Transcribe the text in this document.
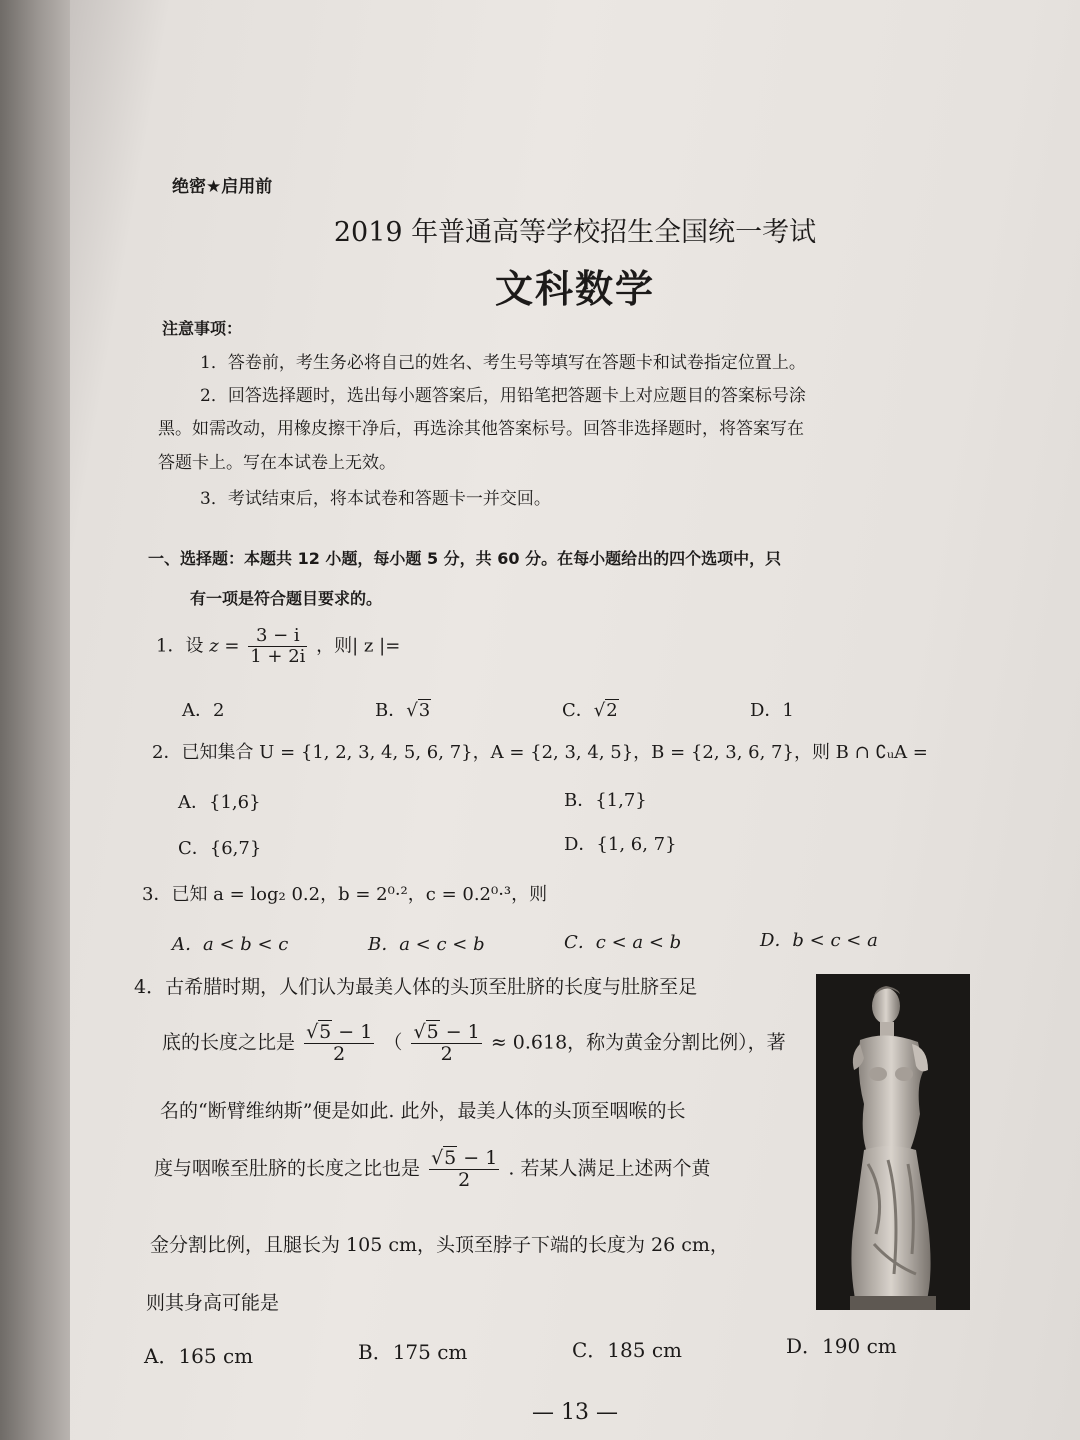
绝密★启用前
2019 年普通高等学校招生全国统一考试
文科数学
注意事项：
1．答卷前，考生务必将自己的姓名、考生号等填写在答题卡和试卷指定位置上。
2．回答选择题时，选出每小题答案后，用铅笔把答题卡上对应题目的答案标号涂
黑。如需改动，用橡皮擦干净后，再选涂其他答案标号。回答非选择题时，将答案写在
答题卡上。写在本试卷上无效。
3．考试结束后，将本试卷和答题卡一并交回。
一、选择题：本题共 12 小题，每小题 5 分，共 60 分。在每小题给出的四个选项中，只
有一项是符合题目要求的。
1．设 $z = \frac{3 - i}{1 + 2i}$ ，则| z |=
A．2	B．√3	C．√2	D．1
2．已知集合 U = {1, 2, 3, 4, 5, 6, 7}，A = {2, 3, 4, 5}，B = {2, 3, 6, 7}，则 B ∩ ∁ᵤA =
A．{1,6}	B．{1,7}
C．{6,7}	D．{1, 6, 7}
3．已知 a = log₂ 0.2，b = 2⁰·²，c = 0.2⁰·³，则
A．a < b < c	B．a < c < b	C．c < a < b	D．b < c < a
4．古希腊时期，人们认为最美人体的头顶至肚脐的长度与肚脐至足
底的长度之比是 $\frac{√5 - 1}{2}$ （ $\frac{√5 - 1}{2} \approx 0.618$，称为黄金分割比例），著
名的“断臂维纳斯”便是如此. 此外，最美人体的头顶至咽喉的长
度与咽喉至肚脐的长度之比也是 $\frac{√5 - 1}{2}$ . 若某人满足上述两个黄
金分割比例，且腿长为 105 cm，头顶至脖子下端的长度为 26 cm，
则其身高可能是
A．165 cm	B．175 cm	C．185 cm	D．190 cm
— 13 —
